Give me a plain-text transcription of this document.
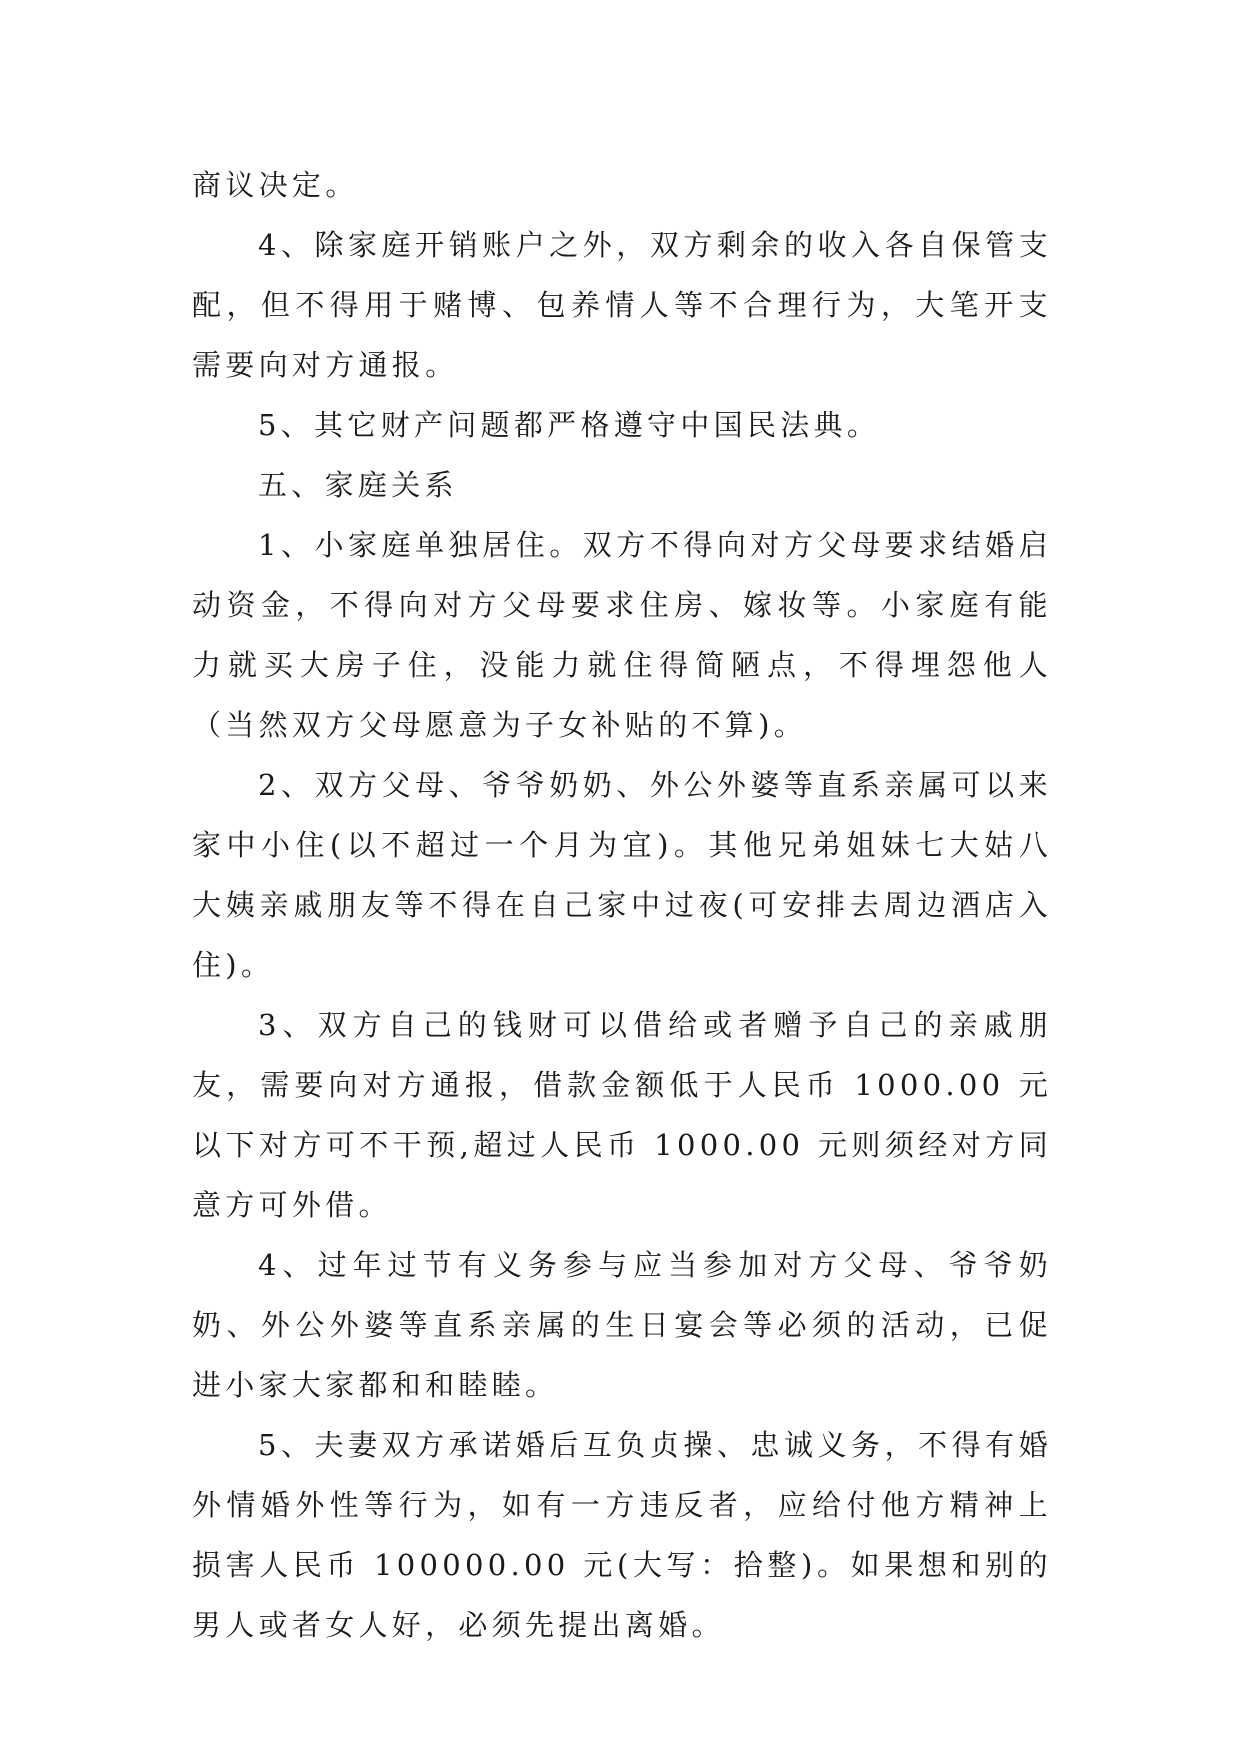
商议决定。

4、除家庭开销账户之外，双方剩余的收入各自保管支配，但不得用于赌博、包养情人等不合理行为，大笔开支需要向对方通报。

5、其它财产问题都严格遵守中国民法典。

五、家庭关系

1、小家庭单独居住。双方不得向对方父母要求结婚启动资金，不得向对方父母要求住房、嫁妆等。小家庭有能力就买大房子住，没能力就住得简陋点，不得埋怨他人（当然双方父母愿意为子女补贴的不算)。

2、双方父母、爷爷奶奶、外公外婆等直系亲属可以来家中小住(以不超过一个月为宜)。其他兄弟姐妹七大姑八大姨亲戚朋友等不得在自己家中过夜(可安排去周边酒店入住)。

3、双方自己的钱财可以借给或者赠予自己的亲戚朋友，需要向对方通报，借款金额低于人民币 1000.00 元以下对方可不干预,超过人民币 1000.00 元则须经对方同意方可外借。

4、过年过节有义务参与应当参加对方父母、爷爷奶奶、外公外婆等直系亲属的生日宴会等必须的活动，已促进小家大家都和和睦睦。

5、夫妻双方承诺婚后互负贞操、忠诚义务，不得有婚外情婚外性等行为，如有一方违反者，应给付他方精神上损害人民币 100000.00 元(大写：拾整)。如果想和别的男人或者女人好，必须先提出离婚。
